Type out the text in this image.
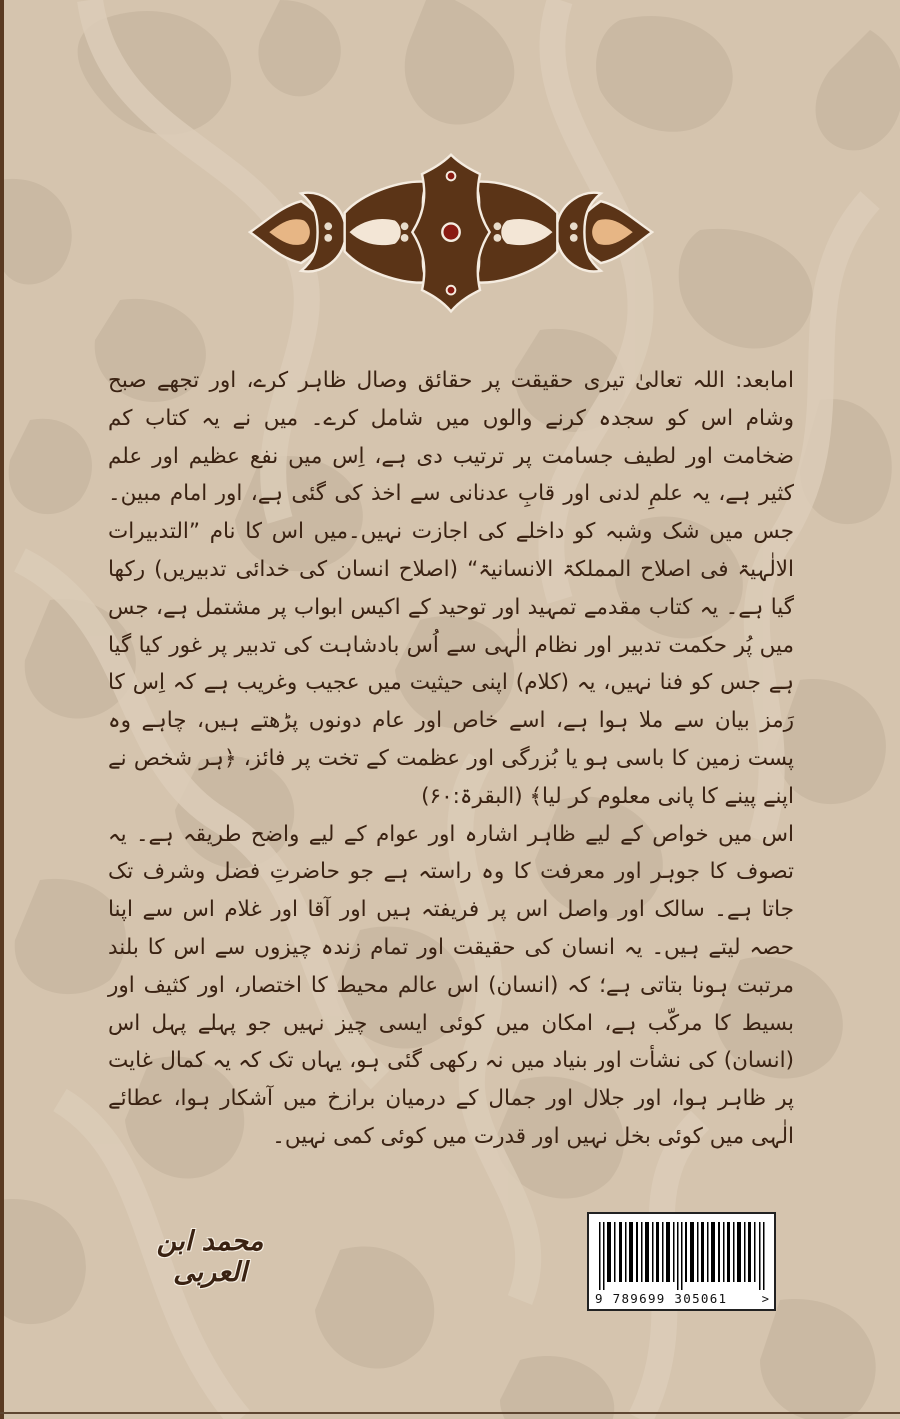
امابعد: اللہ تعالیٰ تیری حقیقت پر حقائق وصال ظاہر کرے، اور تجھے صبح وشام اس کو سجدہ کرنے والوں میں شامل کرے۔ میں نے یہ کتاب کم ضخامت اور لطیف جسامت پر ترتیب دی ہے، اِس میں نفع عظیم اور علم کثیر ہے، یہ علمِ لدنی اور قابِ عدنانی سے اخذ کی گئی ہے، اور امام مبین۔جس میں شک وشبہ کو داخلے کی اجازت نہیں۔میں اس کا نام ”التدبیرات الالٰہیۃ فی اصلاح المملکۃ الانسانیۃ“ (اصلاح انسان کی خدائی تدبیریں) رکھا گیا ہے۔ یہ کتاب مقدمے تمہید اور توحید کے اکیس ابواب پر مشتمل ہے، جس میں پُر حکمت تدبیر اور نظام الٰہی سے اُس بادشاہت کی تدبیر پر غور کیا گیا ہے جس کو فنا نہیں، یہ (کلام) اپنی حیثیت میں عجیب وغریب ہے کہ اِس کا رَمز بیان سے ملا ہوا ہے، اسے خاص اور عام دونوں پڑھتے ہیں، چاہے وہ پست زمین کا باسی ہو یا بُزرگی اور عظمت کے تخت پر فائز، ﴿ہر شخص نے اپنے پینے کا پانی معلوم کر لیا﴾ (البقرۃ:۶۰)

اس میں خواص کے لیے ظاہر اشارہ اور عوام کے لیے واضح طریقہ ہے۔ یہ تصوف کا جوہر اور معرفت کا وہ راستہ ہے جو حاضرتِ فضل وشرف تک جاتا ہے۔ سالک اور واصل اس پر فریفتہ ہیں اور آقا اور غلام اس سے اپنا حصہ لیتے ہیں۔ یہ انسان کی حقیقت اور تمام زندہ چیزوں سے اس کا بلند مرتبت ہونا بتاتی ہے؛ کہ (انسان) اس عالم محیط کا اختصار، اور کثیف اور بسیط کا مرکّب ہے، امکان میں کوئی ایسی چیز نہیں جو پہلے پہل اس (انسان) کی نشأت اور بنیاد میں نہ رکھی گئی ہو، یہاں تک کہ یہ کمال غایت پر ظاہر ہوا، اور جلال اور جمال کے درمیان برازخ میں آشکار ہوا، عطائے الٰہی میں کوئی بخل نہیں اور قدرت میں کوئی کمی نہیں۔

محمد ابن العربی
9 789699 305061	>
